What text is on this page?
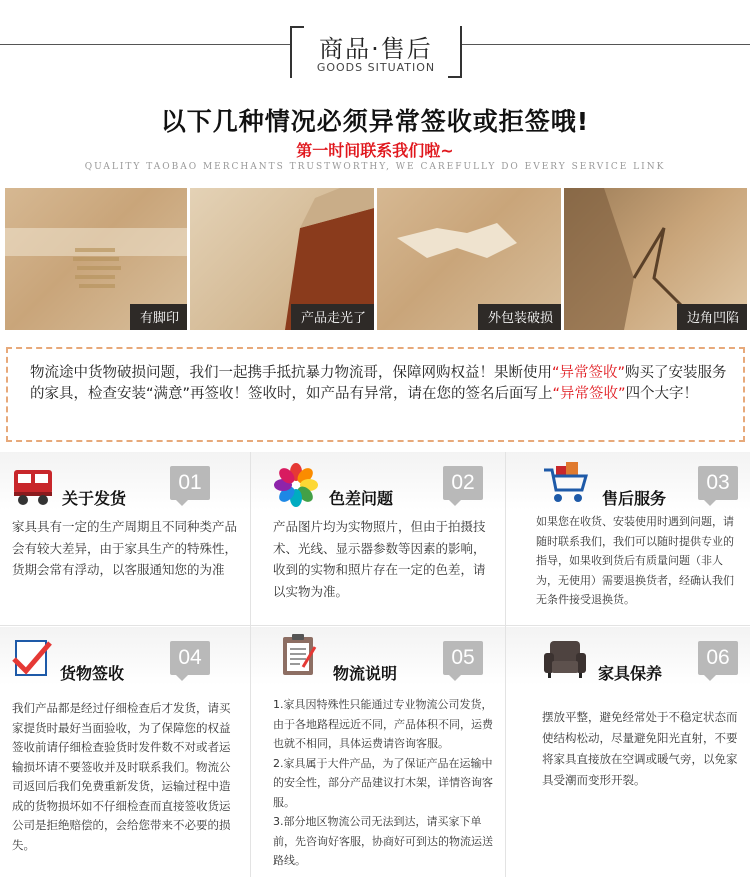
商品·售后
GOODS SITUATION
以下几种情况必须异常签收或拒签哦!
第一时间联系我们啦~
QUALITY TAOBAO MERCHANTS TRUSTWORTHY, WE CAREFULLY DO EVERY SERVICE LINK
有脚印	产品走光了	外包装破损	边角凹陷

物流途中货物破损问题，我们一起携手抵抗暴力物流哥，保障网购权益！果断使用“异常签收”购买了安装服务的家具，检查安装“满意”再签收！签收时，如产品有异常，请在您的签名后面写上“异常签收”四个大字！

关于发货
01
家具具有一定的生产周期且不同种类产品会有较大差异，由于家具生产的特殊性，货期会常有浮动，以客服通知您的为准
色差问题
02
产品图片均为实物照片，但由于拍摄技术、光线、显示器参数等因素的影响，收到的实物和照片存在一定的色差，请以实物为准。
售后服务
03
如果您在收货、安装使用时遇到问题，请随时联系我们，我们可以随时提供专业的指导，如果收到货后有质量问题（非人为，无使用）需要退换货者，经确认我们无条件接受退换货。
货物签收
04
我们产品都是经过仔细检查后才发货，请买家提货时最好当面验收，为了保障您的权益签收前请仔细检查验货时发件数不对或者运输损坏请不要签收并及时联系我们。物流公司返回后我们免费重新发货，运输过程中造成的货物损坏如不仔细检查而直接签收货运公司是拒绝赔偿的，会给您带来不必要的损失。
物流说明
05
1.家具因特殊性只能通过专业物流公司发货，由于各地路程远近不同，产品体积不同，运费也就不相同，具体运费请咨询客服。
2.家具属于大件产品，为了保证产品在运输中的安全性，部分产品建议打木架，详情咨询客服。
3.部分地区物流公司无法到达，请买家下单前，先咨询好客服，协商好可到达的物流运送路线。
家具保养
06
摆放平整，避免经常处于不稳定状态而使结构松动，尽量避免阳光直射，不要将家具直接放在空调或暖气旁，以免家具受潮而变形开裂。
